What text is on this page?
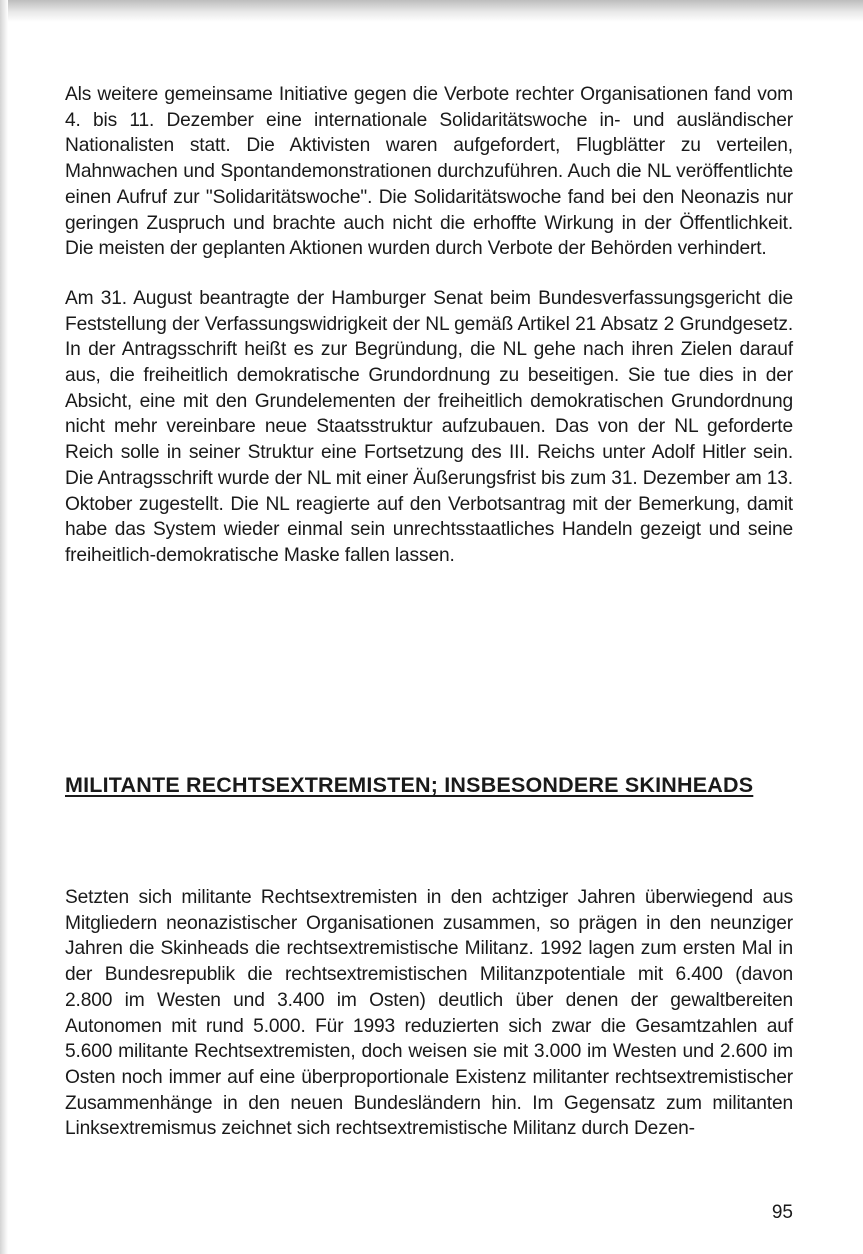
Als weitere gemeinsame Initiative gegen die Verbote rechter Organisationen fand vom 4. bis 11. Dezember eine internationale Solidaritätswoche in- und ausländischer Nationalisten statt. Die Aktivisten waren aufgefordert, Flugblätter zu verteilen, Mahnwachen und Spontandemonstrationen durchzuführen. Auch die NL veröffentlichte einen Aufruf zur "Solidaritätswoche". Die Solidaritätswoche fand bei den Neonazis nur geringen Zuspruch und brachte auch nicht die erhoffte Wirkung in der Öffentlichkeit. Die meisten der geplanten Aktionen wurden durch Verbote der Behörden verhindert.

Am 31. August beantragte der Hamburger Senat beim Bundesverfassungsgericht die Feststellung der Verfassungswidrigkeit der NL gemäß Artikel 21 Absatz 2 Grundgesetz. In der Antragsschrift heißt es zur Begründung, die NL gehe nach ihren Zielen darauf aus, die freiheitlich demokratische Grundordnung zu beseitigen. Sie tue dies in der Absicht, eine mit den Grundelementen der freiheitlich demokratischen Grundordnung nicht mehr vereinbare neue Staatsstruktur aufzubauen. Das von der NL geforderte Reich solle in seiner Struktur eine Fortsetzung des III. Reichs unter Adolf Hitler sein. Die Antragsschrift wurde der NL mit einer Äußerungsfrist bis zum 31. Dezember am 13. Oktober zugestellt. Die NL reagierte auf den Verbotsantrag mit der Bemerkung, damit habe das System wieder einmal sein unrechtsstaatliches Handeln gezeigt und seine freiheitlich-demokratische Maske fallen lassen.

MILITANTE RECHTSEXTREMISTEN; INSBESONDERE SKINHEADS

Setzten sich militante Rechtsextremisten in den achtziger Jahren überwiegend aus Mitgliedern neonazistischer Organisationen zusammen, so prägen in den neunziger Jahren die Skinheads die rechtsextremistische Militanz. 1992 lagen zum ersten Mal in der Bundesrepublik die rechtsextremistischen Militanzpotentiale mit 6.400 (davon 2.800 im Westen und 3.400 im Osten) deutlich über denen der gewaltbereiten Autonomen mit rund 5.000. Für 1993 reduzierten sich zwar die Gesamtzahlen auf 5.600 militante Rechtsextremisten, doch weisen sie mit 3.000 im Westen und 2.600 im Osten noch immer auf eine überproportionale Existenz militanter rechtsextremistischer Zusammenhänge in den neuen Bundesländern hin. Im Gegensatz zum militanten Linksextremismus zeichnet sich rechtsextremistische Militanz durch Dezen-

95
